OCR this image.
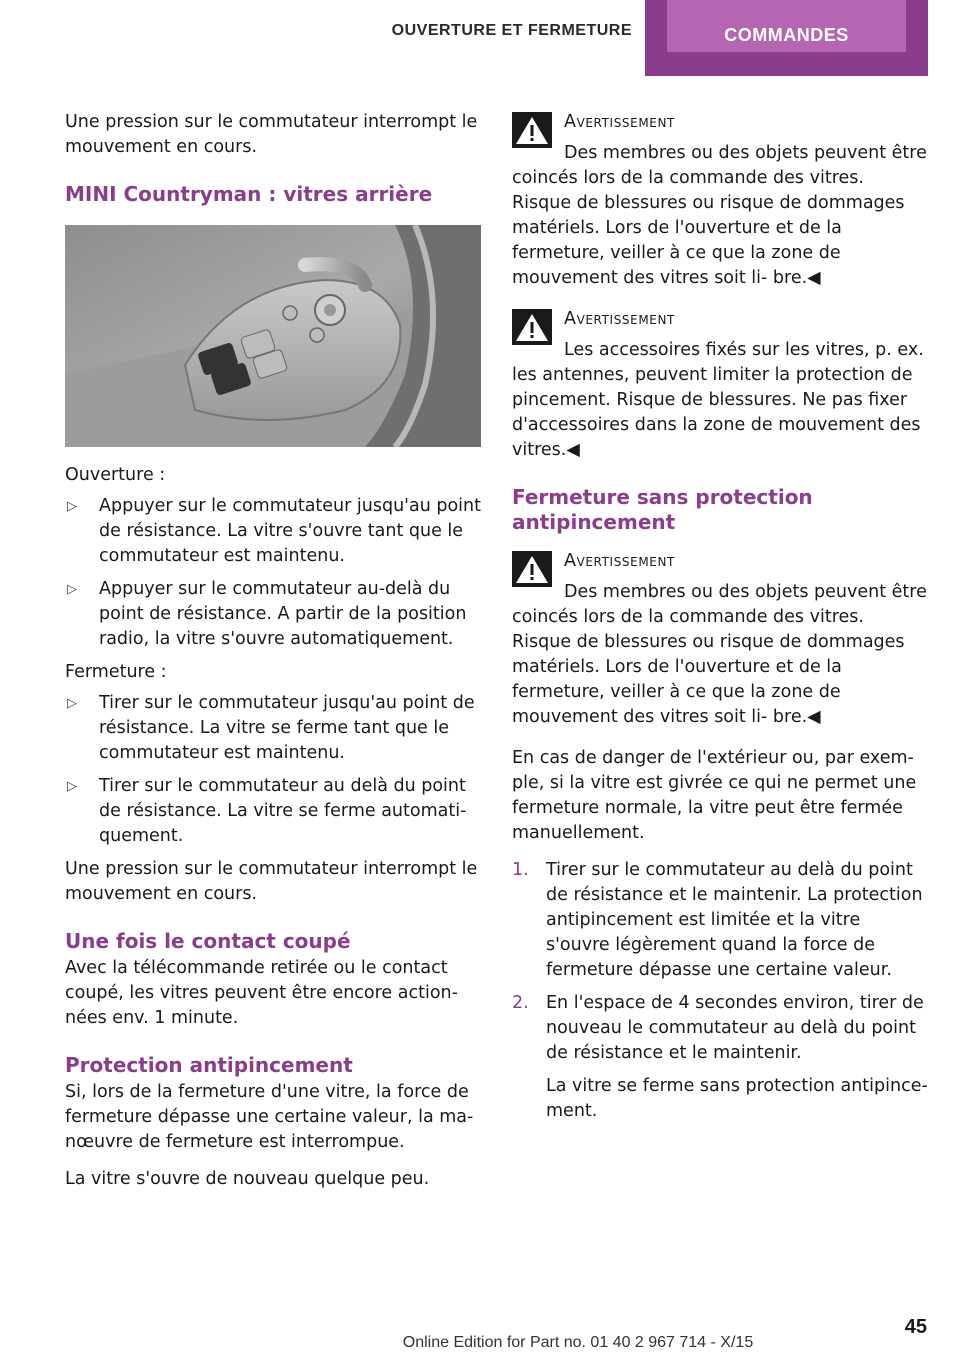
OUVERTURE ET FERMETURE	COMMANDES

Une pression sur le commutateur interrompt le mouvement en cours.

MINI Countryman : vitres arrière

Ouverture :

▷ Appuyer sur le commutateur jusqu'au point de résistance. La vitre s'ouvre tant que le commutateur est maintenu.
▷ Appuyer sur le commutateur au-delà du point de résistance. A partir de la position radio, la vitre s'ouvre automatiquement.

Fermeture :

▷ Tirer sur le commutateur jusqu'au point de résistance. La vitre se ferme tant que le commutateur est maintenu.
▷ Tirer sur le commutateur au delà du point de résistance. La vitre se ferme automati‐ quement.

Une pression sur le commutateur interrompt le mouvement en cours.

Une fois le contact coupé

Avec la télécommande retirée ou le contact coupé, les vitres peuvent être encore action‐ nées env. 1 minute.

Protection antipincement

Si, lors de la fermeture d'une vitre, la force de fermeture dépasse une certaine valeur, la ma‐ nœuvre de fermeture est interrompue.

La vitre s'ouvre de nouveau quelque peu.

Avertissement

Des membres ou des objets peuvent être coincés lors de la commande des vitres. Risque de blessures ou risque de dommages matériels. Lors de l'ouverture et de la fermeture, veiller à ce que la zone de mouvement des vitres soit li‐ bre.◀

Avertissement

Les accessoires fixés sur les vitres, p. ex. les antennes, peuvent limiter la protection de pincement. Risque de blessures. Ne pas fixer d'accessoires dans la zone de mouvement des vitres.◀

Fermeture sans protection antipincement
Avertissement

Des membres ou des objets peuvent être coincés lors de la commande des vitres. Risque de blessures ou risque de dommages matériels. Lors de l'ouverture et de la fermeture, veiller à ce que la zone de mouvement des vitres soit li‐ bre.◀

En cas de danger de l'extérieur ou, par exem‐ ple, si la vitre est givrée ce qui ne permet une fermeture normale, la vitre peut être fermée manuellement.

1. Tirer sur le commutateur au delà du point de résistance et le maintenir. La protection antipincement est limitée et la vitre s'ouvre légèrement quand la force de fermeture dépasse une certaine valeur.
2. En l'espace de 4 secondes environ, tirer de nouveau le commutateur au delà du point de résistance et le maintenir.

La vitre se ferme sans protection antipince‐ ment.

45
Online Edition for Part no. 01 40 2 967 714 - X/15
